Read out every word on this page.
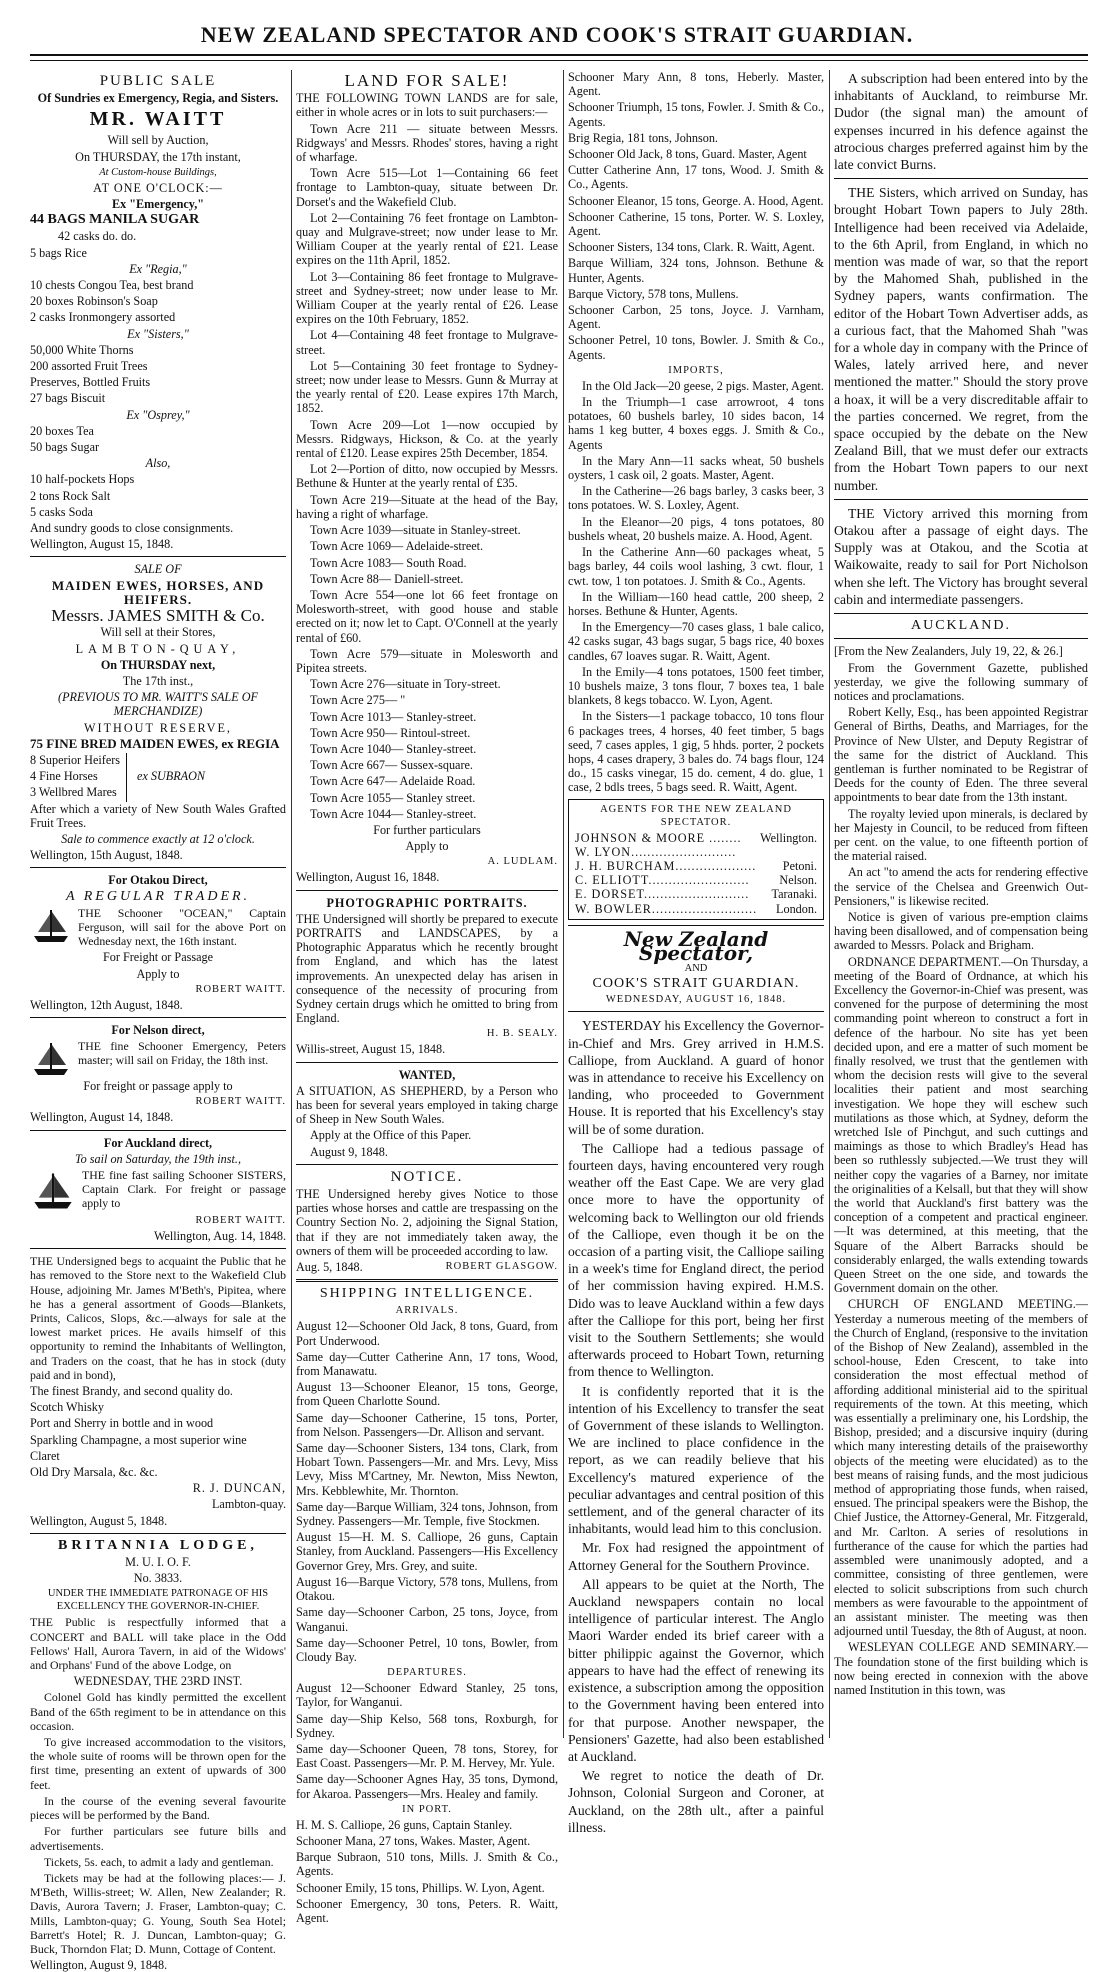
NEW ZEALAND SPECTATOR AND COOK'S STRAIT GUARDIAN.
PUBLIC SALE

Of Sundries ex Emergency, Regia, and Sisters.

MR. WAITT

Will sell by Auction,

On THURSDAY, the 17th instant,

At Custom-house Buildings,

AT ONE O'CLOCK:—

Ex "Emergency,"

44 BAGS MANILA SUGAR

42 casks do. do.

5 bags Rice

Ex "Regia,"

10 chests Congou Tea, best brand

20 boxes Robinson's Soap

2 casks Ironmongery assorted

Ex "Sisters,"

50,000 White Thorns

200 assorted Fruit Trees

Preserves, Bottled Fruits

27 bags Biscuit

Ex "Osprey,"

20 boxes Tea

50 bags Sugar

Also,

10 half-pockets Hops

2 tons Rock Salt

5 casks Soda

And sundry goods to close consignments.

Wellington, August 15, 1848.

SALE OF

MAIDEN EWES, HORSES, AND HEIFERS.

Messrs. JAMES SMITH & Co.

Will sell at their Stores,

LAMBTON-QUAY,

On THURSDAY next,

The 17th inst.,

(PREVIOUS TO MR. WAITT'S SALE OF MERCHANDIZE)

WITHOUT RESERVE,

75 FINE BRED MAIDEN EWES, ex REGIA

8 Superior Heifers

4 Fine Horses

3 Wellbred Mares

ex SUBRAON

After which a variety of New South Wales Grafted Fruit Trees.

Sale to commence exactly at 12 o'clock.

Wellington, 15th August, 1848.

For Otakou Direct,

A REGULAR TRADER.

THE Schooner "OCEAN," Captain Ferguson, will sail for the above Port on Wednesday next, the 16th instant.

For Freight or Passage

Apply to

ROBERT WAITT.

Wellington, 12th August, 1848.

For Nelson direct,

THE fine Schooner Emergency, Peters master; will sail on Friday, the 18th inst.

For freight or passage apply to

ROBERT WAITT.

Wellington, August 14, 1848.

For Auckland direct,

To sail on Saturday, the 19th inst.,

THE fine fast sailing Schooner SISTERS, Captain Clark. For freight or passage apply to

ROBERT WAITT.

Wellington, Aug. 14, 1848.

THE Undersigned begs to acquaint the Public that he has removed to the Store next to the Wakefield Club House, adjoining Mr. James M'Beth's, Pipitea, where he has a general assortment of Goods—Blankets, Prints, Calicos, Slops, &c.—always for sale at the lowest market prices. He avails himself of this opportunity to remind the Inhabitants of Wellington, and Traders on the coast, that he has in stock (duty paid and in bond),

The finest Brandy, and second quality do.

Scotch Whisky

Port and Sherry in bottle and in wood

Sparkling Champagne, a most superior wine

Claret

Old Dry Marsala, &c. &c.

R. J. DUNCAN,

Lambton-quay.

Wellington, August 5, 1848.

BRITANNIA LODGE,

M. U. I. O. F.

No. 3833.

UNDER THE IMMEDIATE PATRONAGE OF HIS EXCELLENCY THE GOVERNOR-IN-CHIEF.

THE Public is respectfully informed that a CONCERT and BALL will take place in the Odd Fellows' Hall, Aurora Tavern, in aid of the Widows' and Orphans' Fund of the above Lodge, on

WEDNESDAY, THE 23RD INST.

Colonel Gold has kindly permitted the excellent Band of the 65th regiment to be in attendance on this occasion.

To give increased accommodation to the visitors, the whole suite of rooms will be thrown open for the first time, presenting an extent of upwards of 300 feet.

In the course of the evening several favourite pieces will be performed by the Band.

For further particulars see future bills and advertisements.

Tickets, 5s. each, to admit a lady and gentleman.

Tickets may be had at the following places:— J. M'Beth, Willis-street; W. Allen, New Zealander; R. Davis, Aurora Tavern; J. Fraser, Lambton-quay; C. Mills, Lambton-quay; G. Young, South Sea Hotel; Barrett's Hotel; R. J. Duncan, Lambton-quay; G. Buck, Thorndon Flat; D. Munn, Cottage of Content.

Wellington, August 9, 1848.

LAND FOR SALE!

THE FOLLOWING TOWN LANDS are for sale, either in whole acres or in lots to suit purchasers:—

Town Acre 211 — situate between Messrs. Ridgways' and Messrs. Rhodes' stores, having a right of wharfage.

Town Acre 515—Lot 1—Containing 66 feet frontage to Lambton-quay, situate between Dr. Dorset's and the Wakefield Club.

Lot 2—Containing 76 feet frontage on Lambton-quay and Mulgrave-street; now under lease to Mr. William Couper at the yearly rental of £21. Lease expires on the 11th April, 1852.

Lot 3—Containing 86 feet frontage to Mulgrave-street and Sydney-street; now under lease to Mr. William Couper at the yearly rental of £26. Lease expires on the 10th February, 1852.

Lot 4—Containing 48 feet frontage to Mulgrave-street.

Lot 5—Containing 30 feet frontage to Sydney-street; now under lease to Messrs. Gunn & Murray at the yearly rental of £20. Lease expires 17th March, 1852.

Town Acre 209—Lot 1—now occupied by Messrs. Ridgways, Hickson, & Co. at the yearly rental of £120. Lease expires 25th December, 1854.

Lot 2—Portion of ditto, now occupied by Messrs. Bethune & Hunter at the yearly rental of £35.

Town Acre 219—Situate at the head of the Bay, having a right of wharfage.

Town Acre 1039—situate in Stanley-street.

Town Acre 1069— Adelaide-street.

Town Acre 1083— South Road.

Town Acre 88— Daniell-street.

Town Acre 554—one lot 66 feet frontage on Molesworth-street, with good house and stable erected on it; now let to Capt. O'Connell at the yearly rental of £60.

Town Acre 579—situate in Molesworth and Pipitea streets.

Town Acre 276—situate in Tory-street.

Town Acre 275— "

Town Acre 1013— Stanley-street.

Town Acre 950— Rintoul-street.

Town Acre 1040— Stanley-street.

Town Acre 667— Sussex-square.

Town Acre 647— Adelaide Road.

Town Acre 1055— Stanley street.

Town Acre 1044— Stanley-street.

For further particulars

Apply to

A. LUDLAM.

Wellington, August 16, 1848.

PHOTOGRAPHIC PORTRAITS.

THE Undersigned will shortly be prepared to execute PORTRAITS and LANDSCAPES, by a Photographic Apparatus which he recently brought from England, and which has the latest improvements. An unexpected delay has arisen in consequence of the necessity of procuring from Sydney certain drugs which he omitted to bring from England.

H. B. SEALY.

Willis-street, August 15, 1848.

WANTED,

A SITUATION, AS SHEPHERD, by a Person who has been for several years employed in taking charge of Sheep in New South Wales.

Apply at the Office of this Paper.

August 9, 1848.

NOTICE.

THE Undersigned hereby gives Notice to those parties whose horses and cattle are trespassing on the Country Section No. 2, adjoining the Signal Station, that if they are not immediately taken away, the owners of them will be proceeded according to law.

Aug. 5, 1848.	ROBERT GLASGOW.
SHIPPING INTELLIGENCE.

ARRIVALS.

August 12—Schooner Old Jack, 8 tons, Guard, from Port Underwood.

Same day—Cutter Catherine Ann, 17 tons, Wood, from Manawatu.

August 13—Schooner Eleanor, 15 tons, George, from Queen Charlotte Sound.

Same day—Schooner Catherine, 15 tons, Porter, from Nelson. Passengers—Dr. Allison and servant.

Same day—Schooner Sisters, 134 tons, Clark, from Hobart Town. Passengers—Mr. and Mrs. Levy, Miss Levy, Miss M'Cartney, Mr. Newton, Miss Newton, Mrs. Kebblewhite, Mr. Thornton.

Same day—Barque William, 324 tons, Johnson, from Sydney. Passengers—Mr. Temple, five Stockmen.

August 15—H. M. S. Calliope, 26 guns, Captain Stanley, from Auckland. Passengers—His Excellency Governor Grey, Mrs. Grey, and suite.

August 16—Barque Victory, 578 tons, Mullens, from Otakou.

Same day—Schooner Carbon, 25 tons, Joyce, from Wanganui.

Same day—Schooner Petrel, 10 tons, Bowler, from Cloudy Bay.

DEPARTURES.

August 12—Schooner Edward Stanley, 25 tons, Taylor, for Wanganui.

Same day—Ship Kelso, 568 tons, Roxburgh, for Sydney.

Same day—Schooner Queen, 78 tons, Storey, for East Coast. Passengers—Mr. P. M. Hervey, Mr. Yule.

Same day—Schooner Agnes Hay, 35 tons, Dymond, for Akaroa. Passengers—Mrs. Healey and family.

IN PORT.

H. M. S. Calliope, 26 guns, Captain Stanley.

Schooner Mana, 27 tons, Wakes. Master, Agent.

Barque Subraon, 510 tons, Mills. J. Smith & Co., Agents.

Schooner Emily, 15 tons, Phillips. W. Lyon, Agent.

Schooner Emergency, 30 tons, Peters. R. Waitt, Agent.

Schooner Mary Ann, 8 tons, Heberly. Master, Agent.

Schooner Triumph, 15 tons, Fowler. J. Smith & Co., Agents.

Brig Regia, 181 tons, Johnson.

Schooner Old Jack, 8 tons, Guard. Master, Agent

Cutter Catherine Ann, 17 tons, Wood. J. Smith & Co., Agents.

Schooner Eleanor, 15 tons, George. A. Hood, Agent.

Schooner Catherine, 15 tons, Porter. W. S. Loxley, Agent.

Schooner Sisters, 134 tons, Clark. R. Waitt, Agent.

Barque William, 324 tons, Johnson. Bethune & Hunter, Agents.

Barque Victory, 578 tons, Mullens.

Schooner Carbon, 25 tons, Joyce. J. Varnham, Agent.

Schooner Petrel, 10 tons, Bowler. J. Smith & Co., Agents.

IMPORTS,

In the Old Jack—20 geese, 2 pigs. Master, Agent.

In the Triumph—1 case arrowroot, 4 tons potatoes, 60 bushels barley, 10 sides bacon, 14 hams 1 keg butter, 4 boxes eggs. J. Smith & Co., Agents

In the Mary Ann—11 sacks wheat, 50 bushels oysters, 1 cask oil, 2 goats. Master, Agent.

In the Catherine—26 bags barley, 3 casks beer, 3 tons potatoes. W. S. Loxley, Agent.

In the Eleanor—20 pigs, 4 tons potatoes, 80 bushels wheat, 20 bushels maize. A. Hood, Agent.

In the Catherine Ann—60 packages wheat, 5 bags barley, 44 coils wool lashing, 3 cwt. flour, 1 cwt. tow, 1 ton potatoes. J. Smith & Co., Agents.

In the William—160 head cattle, 200 sheep, 2 horses. Bethune & Hunter, Agents.

In the Emergency—70 cases glass, 1 bale calico, 42 casks sugar, 43 bags sugar, 5 bags rice, 40 boxes candles, 67 loaves sugar. R. Waitt, Agent.

In the Emily—4 tons potatoes, 1500 feet timber, 10 bushels maize, 3 tons flour, 7 boxes tea, 1 bale blankets, 8 kegs tobacco. W. Lyon, Agent.

In the Sisters—1 package tobacco, 10 tons flour 6 packages trees, 4 horses, 40 feet timber, 5 bags seed, 7 cases apples, 1 gig, 5 hhds. porter, 2 pockets hops, 4 cases drapery, 3 bales do. 74 bags flour, 124 do., 15 casks vinegar, 15 do. cement, 4 do. glue, 1 case, 2 bdls trees, 5 bags seed. R. Waitt, Agent.

AGENTS FOR THE NEW ZEALAND SPECTATOR.

JOHNSON & MOORE ........ Wellington.
W. LYON..........................
J. H. BURCHAM.................... Petoni.
C. ELLIOTT......................... Nelson.
E. DORSET.......................... Taranaki.
W. BOWLER.......................... London.
New Zealand Spectator,

AND

COOK'S STRAIT GUARDIAN.

WEDNESDAY, AUGUST 16, 1848.

YESTERDAY his Excellency the Governor-in-Chief and Mrs. Grey arrived in H.M.S. Calliope, from Auckland. A guard of honor was in attendance to receive his Excellency on landing, who proceeded to Government House. It is reported that his Excellency's stay will be of some duration.

The Calliope had a tedious passage of fourteen days, having encountered very rough weather off the East Cape. We are very glad once more to have the opportunity of welcoming back to Wellington our old friends of the Calliope, even though it be on the occasion of a parting visit, the Calliope sailing in a week's time for England direct, the period of her commission having expired. H.M.S. Dido was to leave Auckland within a few days after the Calliope for this port, being her first visit to the Southern Settlements; she would afterwards proceed to Hobart Town, returning from thence to Wellington.

It is confidently reported that it is the intention of his Excellency to transfer the seat of Government of these islands to Wellington. We are inclined to place confidence in the report, as we can readily believe that his Excellency's matured experience of the peculiar advantages and central position of this settlement, and of the general character of its inhabitants, would lead him to this conclusion.

Mr. Fox had resigned the appointment of Attorney General for the Southern Province.

All appears to be quiet at the North, The Auckland newspapers contain no local intelligence of particular interest. The Anglo Maori Warder ended its brief career with a bitter philippic against the Governor, which appears to have had the effect of renewing its existence, a subscription among the opposition to the Government having been entered into for that purpose. Another newspaper, the Pensioners' Gazette, had also been established at Auckland.

We regret to notice the death of Dr. Johnson, Colonial Surgeon and Coroner, at Auckland, on the 28th ult., after a painful illness.

A subscription had been entered into by the inhabitants of Auckland, to reimburse Mr. Dudor (the signal man) the amount of expenses incurred in his defence against the atrocious charges preferred against him by the late convict Burns.

THE Sisters, which arrived on Sunday, has brought Hobart Town papers to July 28th. Intelligence had been received via Adelaide, to the 6th April, from England, in which no mention was made of war, so that the report by the Mahomed Shah, published in the Sydney papers, wants confirmation. The editor of the Hobart Town Advertiser adds, as a curious fact, that the Mahomed Shah "was for a whole day in company with the Prince of Wales, lately arrived here, and never mentioned the matter." Should the story prove a hoax, it will be a very discreditable affair to the parties concerned. We regret, from the space occupied by the debate on the New Zealand Bill, that we must defer our extracts from the Hobart Town papers to our next number.

THE Victory arrived this morning from Otakou after a passage of eight days. The Supply was at Otakou, and the Scotia at Waikowaite, ready to sail for Port Nicholson when she left. The Victory has brought several cabin and intermediate passengers.

AUCKLAND.

[From the New Zealanders, July 19, 22, & 26.]

From the Government Gazette, published yesterday, we give the following summary of notices and proclamations.

Robert Kelly, Esq., has been appointed Registrar General of Births, Deaths, and Marriages, for the Province of New Ulster, and Deputy Registrar of the same for the district of Auckland. This gentleman is further nominated to be Registrar of Deeds for the county of Eden. The three several appointments to bear date from the 13th instant.

The royalty levied upon minerals, is declared by her Majesty in Council, to be reduced from fifteen per cent. on the value, to one fifteenth portion of the material raised.

An act "to amend the acts for rendering effective the service of the Chelsea and Greenwich Out-Pensioners," is likewise recited.

Notice is given of various pre-emption claims having been disallowed, and of compensation being awarded to Messrs. Polack and Brigham.

ORDNANCE DEPARTMENT.—On Thursday, a meeting of the Board of Ordnance, at which his Excellency the Governor-in-Chief was present, was convened for the purpose of determining the most commanding point whereon to construct a fort in defence of the harbour. No site has yet been decided upon, and ere a matter of such moment be finally resolved, we trust that the gentlemen with whom the decision rests will give to the several localities their patient and most searching investigation. We hope they will eschew such mutilations as those which, at Sydney, deform the wretched Isle of Pinchgut, and such cuttings and maimings as those to which Bradley's Head has been so ruthlessly subjected.—We trust they will neither copy the vagaries of a Barney, nor imitate the originalities of a Kelsall, but that they will show the world that Auckland's first battery was the conception of a competent and practical engineer.—It was determined, at this meeting, that the Square of the Albert Barracks should be considerably enlarged, the walls extending towards Queen Street on the one side, and towards the Government domain on the other.

CHURCH OF ENGLAND MEETING.—Yesterday a numerous meeting of the members of the Church of England, (responsive to the invitation of the Bishop of New Zealand), assembled in the school-house, Eden Crescent, to take into consideration the most effectual method of affording additional ministerial aid to the spiritual requirements of the town. At this meeting, which was essentially a preliminary one, his Lordship, the Bishop, presided; and a discursive inquiry (during which many interesting details of the praiseworthy objects of the meeting were elucidated) as to the best means of raising funds, and the most judicious method of appropriating those funds, when raised, ensued. The principal speakers were the Bishop, the Chief Justice, the Attorney-General, Mr. Fitzgerald, and Mr. Carlton. A series of resolutions in furtherance of the cause for which the parties had assembled were unanimously adopted, and a committee, consisting of three gentlemen, were elected to solicit subscriptions from such church members as were favourable to the appointment of an assistant minister. The meeting was then adjourned until Tuesday, the 8th of August, at noon.

WESLEYAN COLLEGE AND SEMINARY.—The foundation stone of the first building which is now being erected in connexion with the above named Institution in this town, was
